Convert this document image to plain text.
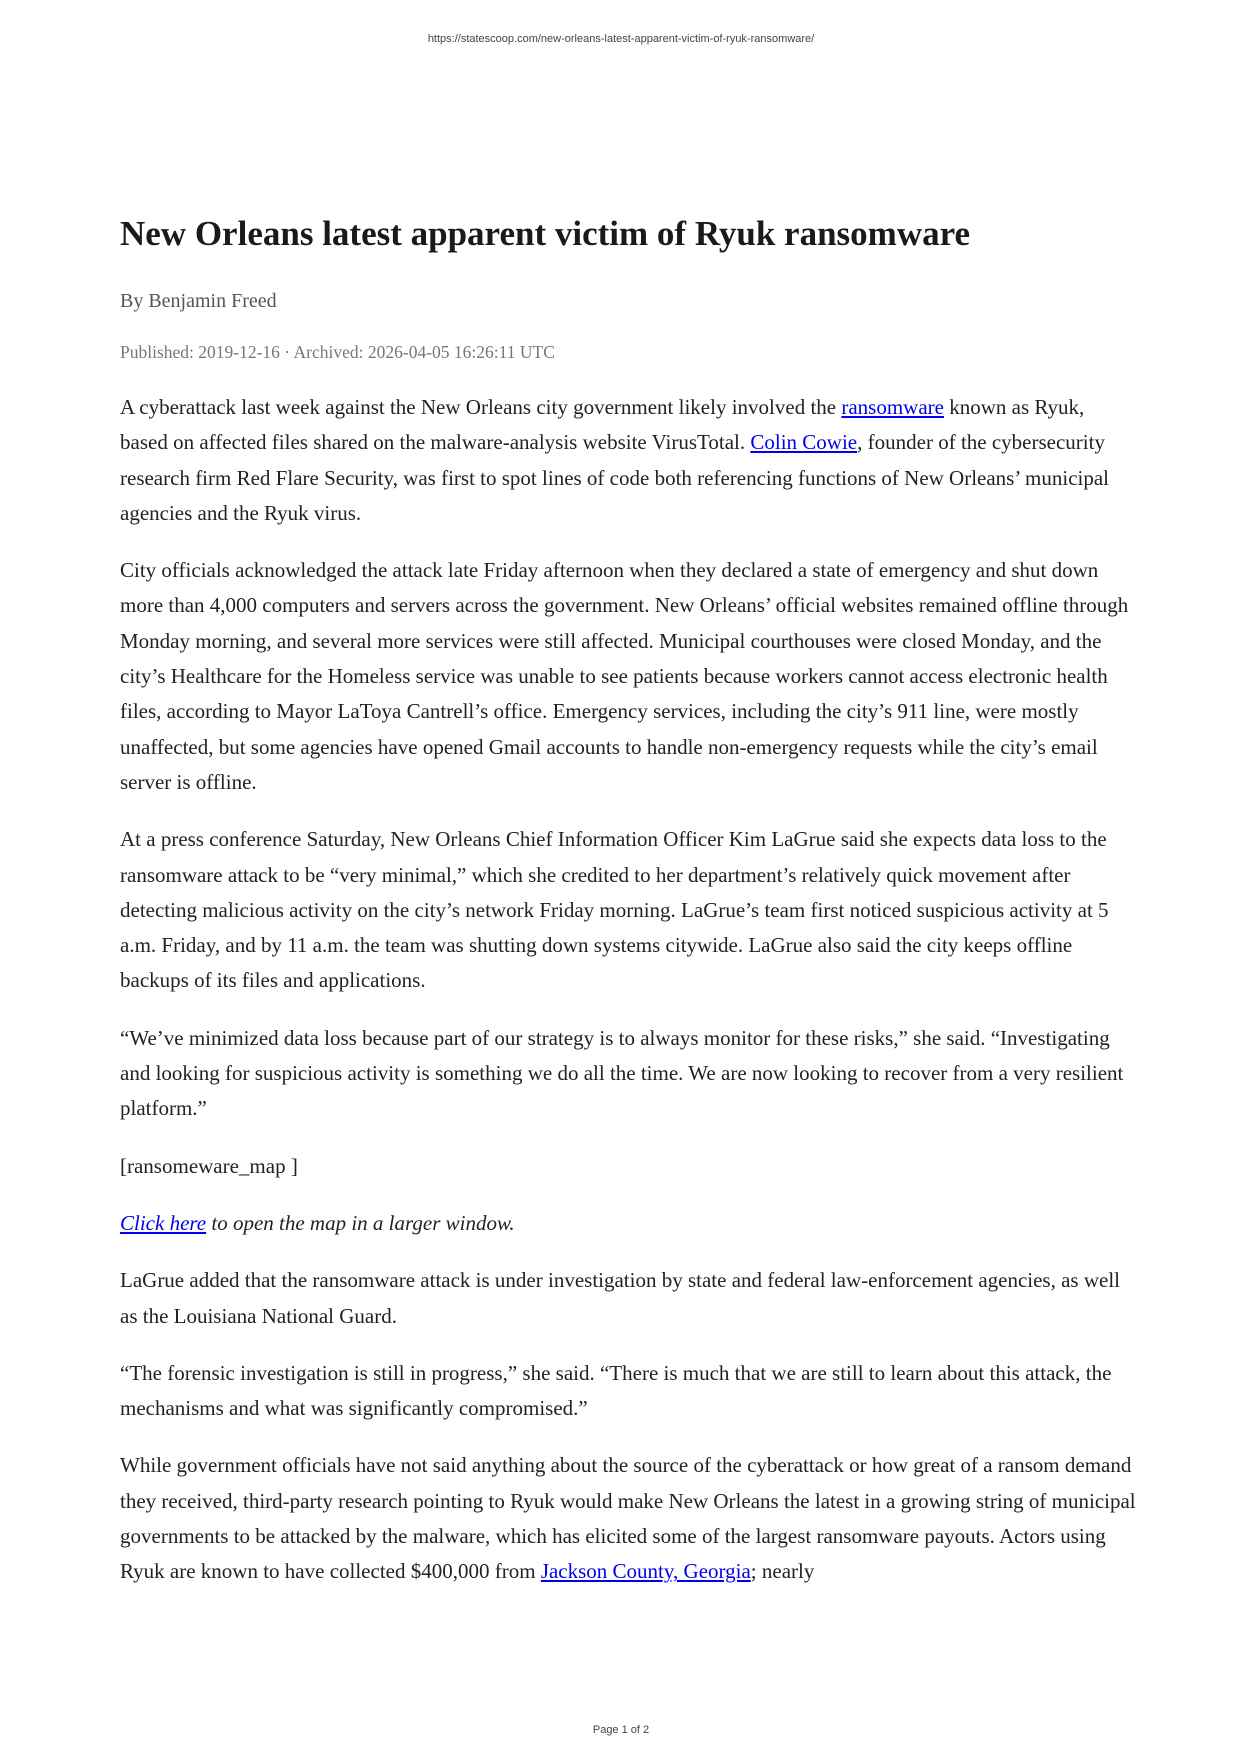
https://statescoop.com/new-orleans-latest-apparent-victim-of-ryuk-ransomware/
New Orleans latest apparent victim of Ryuk ransomware
By Benjamin Freed
Published: 2019-12-16 · Archived: 2026-04-05 16:26:11 UTC

A cyberattack last week against the New Orleans city government likely involved the ransomware known as Ryuk, based on affected files shared on the malware-analysis website VirusTotal. Colin Cowie, founder of the cybersecurity research firm Red Flare Security, was first to spot lines of code both referencing functions of New Orleans’ municipal agencies and the Ryuk virus.

City officials acknowledged the attack late Friday afternoon when they declared a state of emergency and shut down more than 4,000 computers and servers across the government. New Orleans’ official websites remained offline through Monday morning, and several more services were still affected. Municipal courthouses were closed Monday, and the city’s Healthcare for the Homeless service was unable to see patients because workers cannot access electronic health files, according to Mayor LaToya Cantrell’s office. Emergency services, including the city’s 911 line, were mostly unaffected, but some agencies have opened Gmail accounts to handle non-emergency requests while the city’s email server is offline.

At a press conference Saturday, New Orleans Chief Information Officer Kim LaGrue said she expects data loss to the ransomware attack to be “very minimal,” which she credited to her department’s relatively quick movement after detecting malicious activity on the city’s network Friday morning. LaGrue’s team first noticed suspicious activity at 5 a.m. Friday, and by 11 a.m. the team was shutting down systems citywide. LaGrue also said the city keeps offline backups of its files and applications.

“We’ve minimized data loss because part of our strategy is to always monitor for these risks,” she said. “Investigating and looking for suspicious activity is something we do all the time. We are now looking to recover from a very resilient platform.”

[ransomeware_map ]

Click here to open the map in a larger window.

LaGrue added that the ransomware attack is under investigation by state and federal law-enforcement agencies, as well as the Louisiana National Guard.

“The forensic investigation is still in progress,” she said. “There is much that we are still to learn about this attack, the mechanisms and what was significantly compromised.”

While government officials have not said anything about the source of the cyberattack or how great of a ransom demand they received, third-party research pointing to Ryuk would make New Orleans the latest in a growing string of municipal governments to be attacked by the malware, which has elicited some of the largest ransomware payouts. Actors using Ryuk are known to have collected $400,000 from Jackson County, Georgia; nearly

Page 1 of 2
